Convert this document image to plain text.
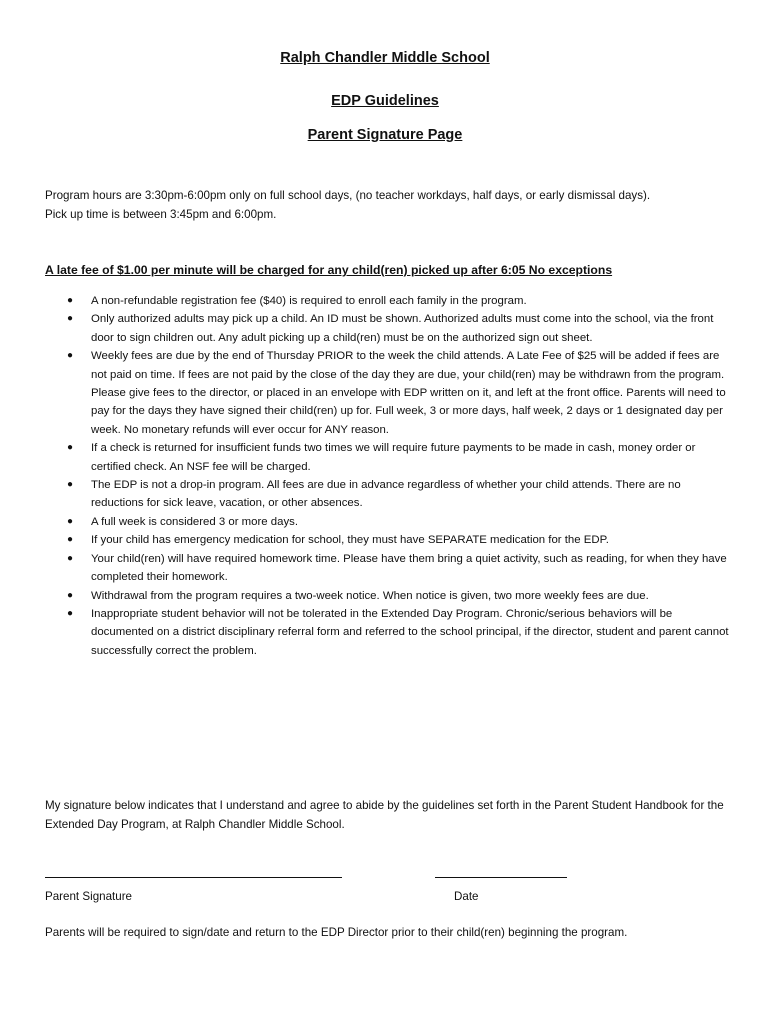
Ralph Chandler Middle School
EDP Guidelines
Parent Signature Page

Program hours are 3:30pm-6:00pm only on full school days, (no teacher workdays, half days, or early dismissal days).

Pick up time is between 3:45pm and 6:00pm.

A late fee of $1.00 per minute will be charged for any child(ren) picked up after 6:05 No exceptions
● A non-refundable registration fee ($40) is required to enroll each family in the program.
● Only authorized adults may pick up a child. An ID must be shown. Authorized adults must come into the school, via the front door to sign children out. Any adult picking up a child(ren) must be on the authorized sign out sheet.
● Weekly fees are due by the end of Thursday PRIOR to the week the child attends. A Late Fee of $25 will be added if fees are not paid on time. If fees are not paid by the close of the day they are due, your child(ren) may be withdrawn from the program. Please give fees to the director, or placed in an envelope with EDP written on it, and left at the front office. Parents will need to pay for the days they have signed their child(ren) up for. Full week, 3 or more days, half week, 2 days or 1 designated day per week. No monetary refunds will ever occur for ANY reason.
● If a check is returned for insufficient funds two times we will require future payments to be made in cash, money order or certified check. An NSF fee will be charged.
● The EDP is not a drop-in program. All fees are due in advance regardless of whether your child attends. There are no reductions for sick leave, vacation, or other absences.
● A full week is considered 3 or more days.
● If your child has emergency medication for school, they must have SEPARATE medication for the EDP.
● Your child(ren) will have required homework time. Please have them bring a quiet activity, such as reading, for when they have completed their homework.
● Withdrawal from the program requires a two-week notice. When notice is given, two more weekly fees are due.
● Inappropriate student behavior will not be tolerated in the Extended Day Program. Chronic/serious behaviors will be documented on a district disciplinary referral form and referred to the school principal, if the director, student and parent cannot successfully correct the problem.
My signature below indicates that I understand and agree to abide by the guidelines set forth in the Parent Student Handbook for the Extended Day Program, at Ralph Chandler Middle School.
Parent Signature	Date
Parents will be required to sign/date and return to the EDP Director prior to their child(ren) beginning the program.
